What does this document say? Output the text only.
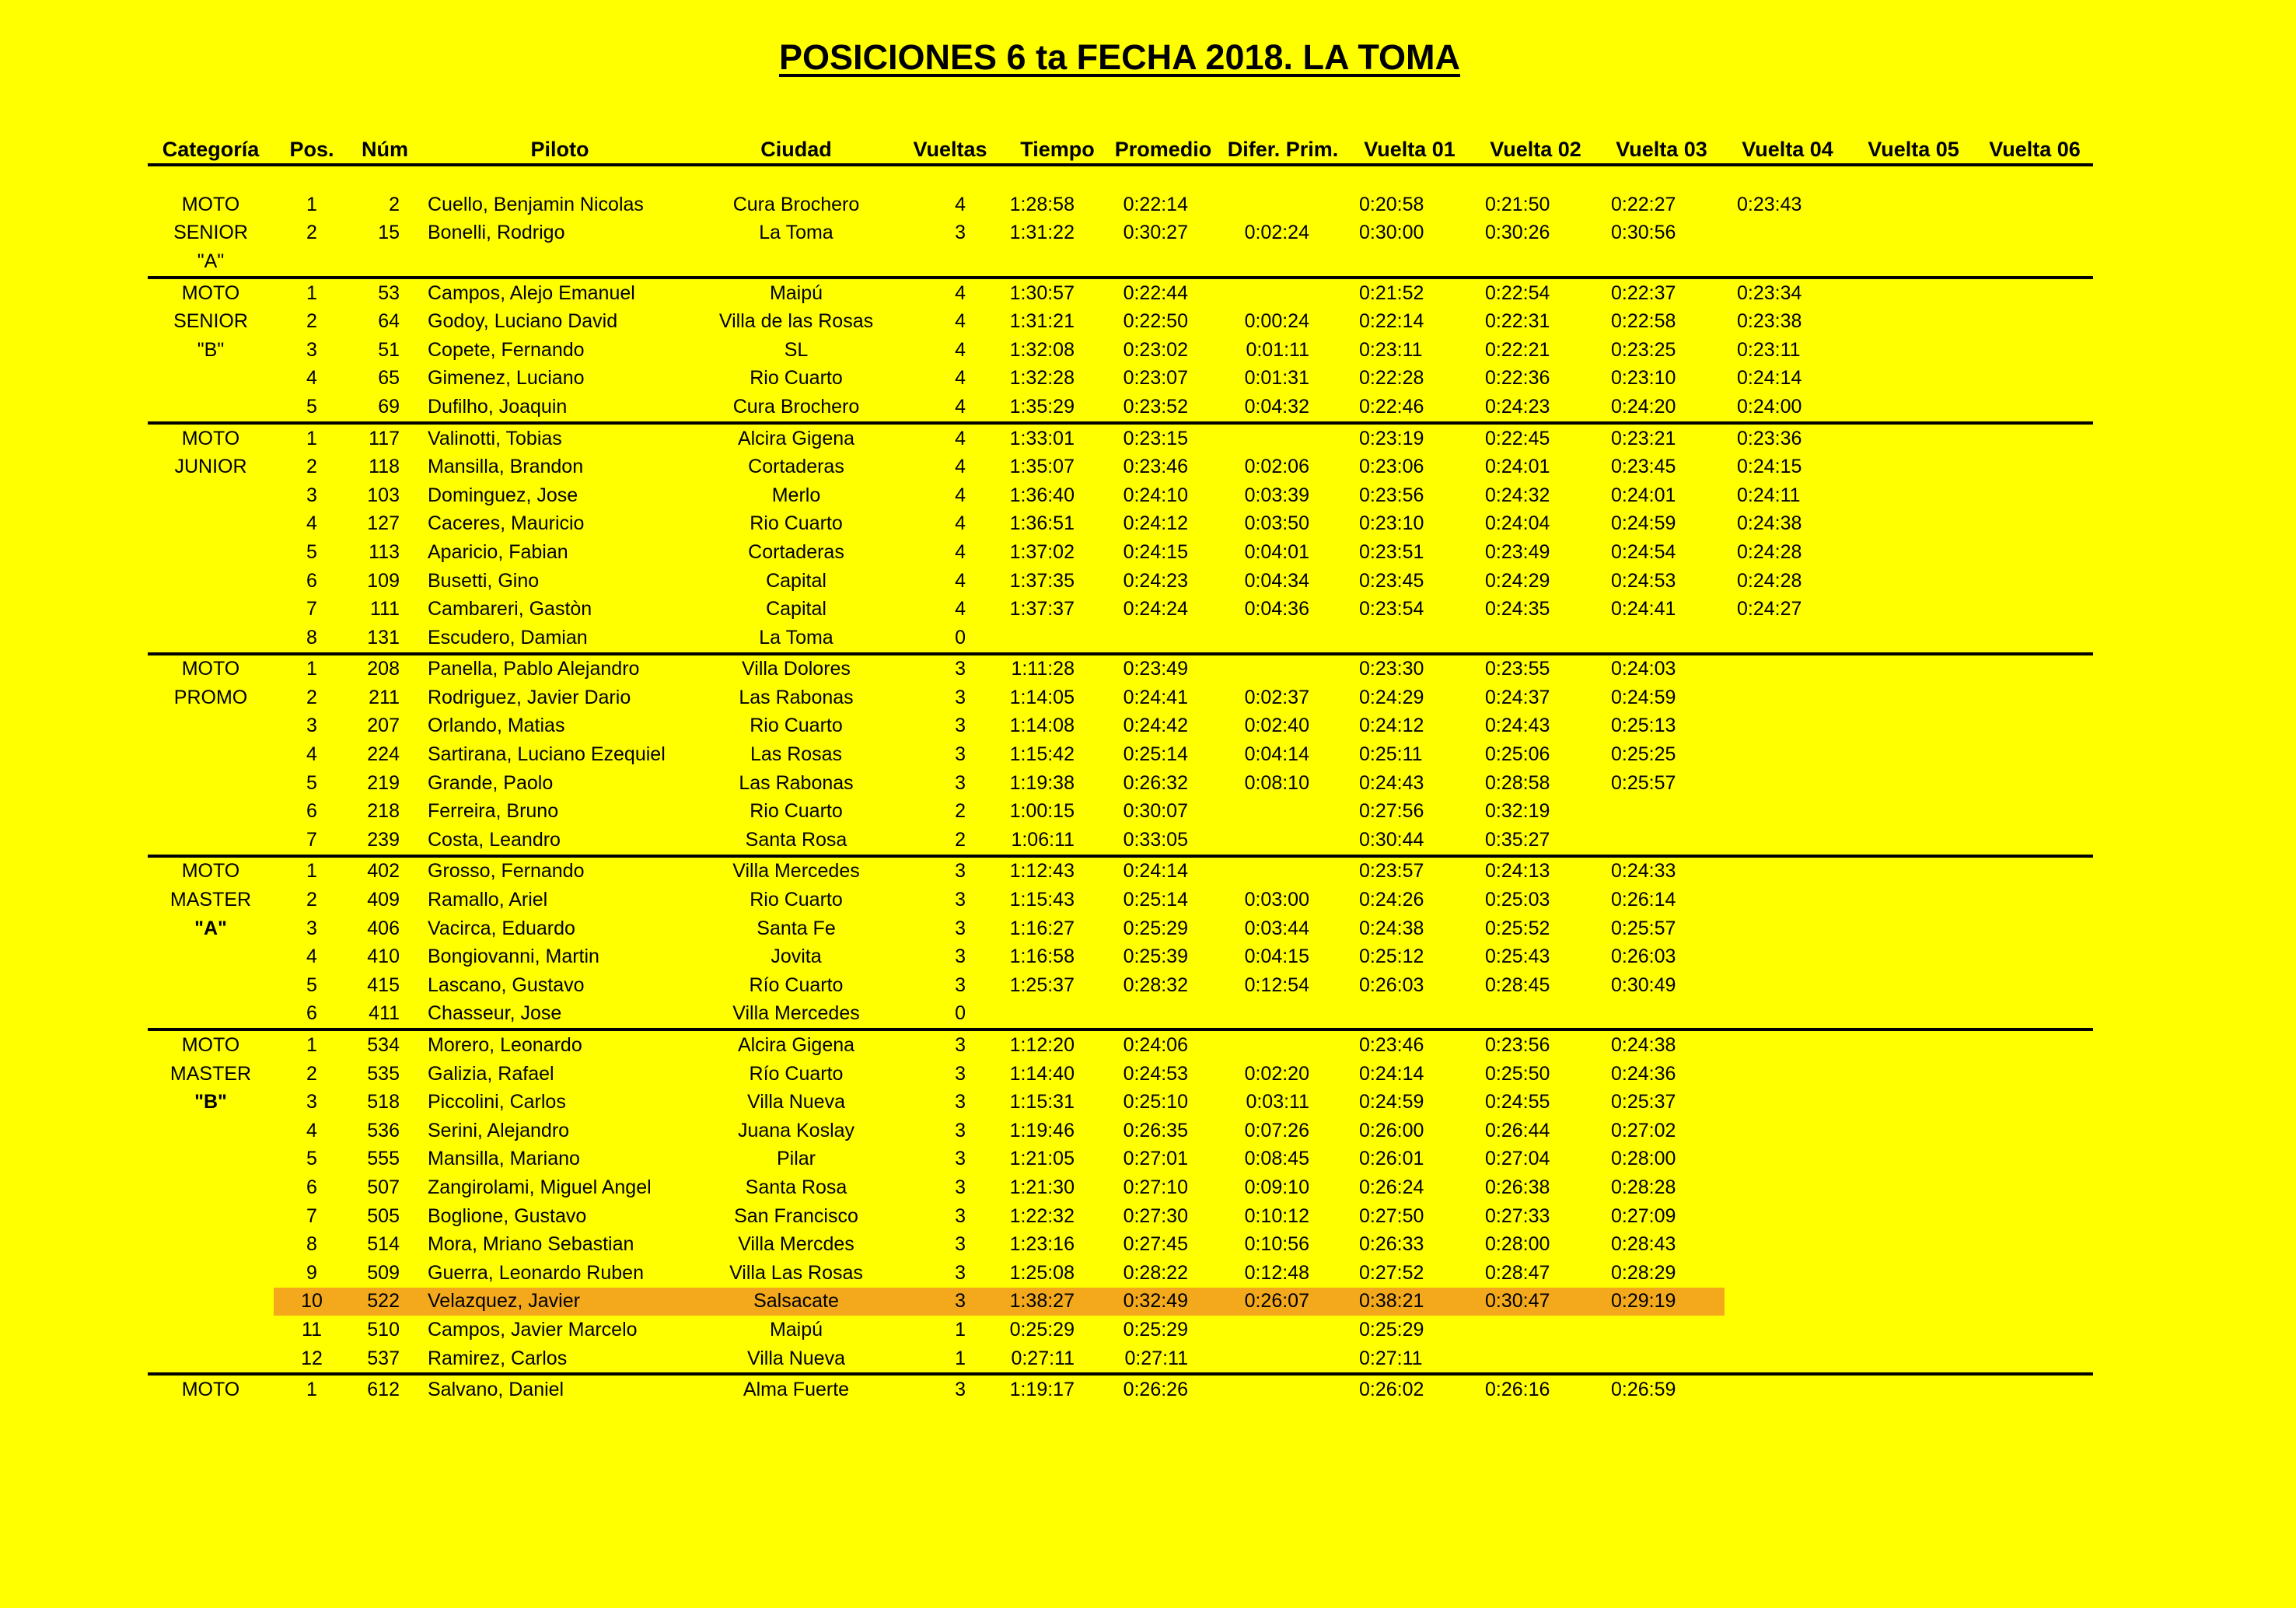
POSICIONES 6 ta FECHA 2018. LA TOMA
Categoría	Pos.	Núm	Piloto	Ciudad	Vueltas	Tiempo	Promedio	Difer. Prim.	Vuelta 01	Vuelta 02	Vuelta 03	Vuelta 04	Vuelta 05	Vuelta 06

MOTO	1	2	Cuello, Benjamin Nicolas	Cura Brochero	4	1:28:58	0:22:14		0:20:58	0:21:50	0:22:27	0:23:43		
SENIOR	2	15	Bonelli, Rodrigo	La Toma	3	1:31:22	0:30:27	0:02:24	0:30:00	0:30:26	0:30:56			
"A"														
MOTO	1	53	Campos, Alejo Emanuel	Maipú	4	1:30:57	0:22:44		0:21:52	0:22:54	0:22:37	0:23:34		
SENIOR	2	64	Godoy, Luciano David	Villa de las Rosas	4	1:31:21	0:22:50	0:00:24	0:22:14	0:22:31	0:22:58	0:23:38		
"B"	3	51	Copete, Fernando	SL	4	1:32:08	0:23:02	0:01:11	0:23:11	0:22:21	0:23:25	0:23:11		
	4	65	Gimenez, Luciano	Rio Cuarto	4	1:32:28	0:23:07	0:01:31	0:22:28	0:22:36	0:23:10	0:24:14		
	5	69	Dufilho, Joaquin	Cura Brochero	4	1:35:29	0:23:52	0:04:32	0:22:46	0:24:23	0:24:20	0:24:00		
MOTO	1	117	Valinotti, Tobias	Alcira Gigena	4	1:33:01	0:23:15		0:23:19	0:22:45	0:23:21	0:23:36		
JUNIOR	2	118	Mansilla, Brandon	Cortaderas	4	1:35:07	0:23:46	0:02:06	0:23:06	0:24:01	0:23:45	0:24:15		
	3	103	Dominguez, Jose	Merlo	4	1:36:40	0:24:10	0:03:39	0:23:56	0:24:32	0:24:01	0:24:11		
	4	127	Caceres, Mauricio	Rio Cuarto	4	1:36:51	0:24:12	0:03:50	0:23:10	0:24:04	0:24:59	0:24:38		
	5	113	Aparicio, Fabian	Cortaderas	4	1:37:02	0:24:15	0:04:01	0:23:51	0:23:49	0:24:54	0:24:28		
	6	109	Busetti, Gino	Capital	4	1:37:35	0:24:23	0:04:34	0:23:45	0:24:29	0:24:53	0:24:28		
	7	111	Cambareri, Gastòn	Capital	4	1:37:37	0:24:24	0:04:36	0:23:54	0:24:35	0:24:41	0:24:27		
	8	131	Escudero, Damian	La Toma	0									
MOTO	1	208	Panella, Pablo Alejandro	Villa Dolores	3	1:11:28	0:23:49		0:23:30	0:23:55	0:24:03			
PROMO	2	211	Rodriguez, Javier Dario	Las Rabonas	3	1:14:05	0:24:41	0:02:37	0:24:29	0:24:37	0:24:59			
	3	207	Orlando, Matias	Rio Cuarto	3	1:14:08	0:24:42	0:02:40	0:24:12	0:24:43	0:25:13			
	4	224	Sartirana, Luciano Ezequiel	Las Rosas	3	1:15:42	0:25:14	0:04:14	0:25:11	0:25:06	0:25:25			
	5	219	Grande, Paolo	Las Rabonas	3	1:19:38	0:26:32	0:08:10	0:24:43	0:28:58	0:25:57			
	6	218	Ferreira, Bruno	Rio Cuarto	2	1:00:15	0:30:07		0:27:56	0:32:19				
	7	239	Costa, Leandro	Santa Rosa	2	1:06:11	0:33:05		0:30:44	0:35:27				
MOTO	1	402	Grosso, Fernando	Villa Mercedes	3	1:12:43	0:24:14		0:23:57	0:24:13	0:24:33			
MASTER	2	409	Ramallo, Ariel	Rio Cuarto	3	1:15:43	0:25:14	0:03:00	0:24:26	0:25:03	0:26:14			
"A"	3	406	Vacirca, Eduardo	Santa Fe	3	1:16:27	0:25:29	0:03:44	0:24:38	0:25:52	0:25:57			
	4	410	Bongiovanni, Martin	Jovita	3	1:16:58	0:25:39	0:04:15	0:25:12	0:25:43	0:26:03			
	5	415	Lascano, Gustavo	Río Cuarto	3	1:25:37	0:28:32	0:12:54	0:26:03	0:28:45	0:30:49			
	6	411	Chasseur, Jose	Villa Mercedes	0									
MOTO	1	534	Morero, Leonardo	Alcira Gigena	3	1:12:20	0:24:06		0:23:46	0:23:56	0:24:38			
MASTER	2	535	Galizia, Rafael	Río Cuarto	3	1:14:40	0:24:53	0:02:20	0:24:14	0:25:50	0:24:36			
"B"	3	518	Piccolini, Carlos	Villa Nueva	3	1:15:31	0:25:10	0:03:11	0:24:59	0:24:55	0:25:37			
	4	536	Serini, Alejandro	Juana Koslay	3	1:19:46	0:26:35	0:07:26	0:26:00	0:26:44	0:27:02			
	5	555	Mansilla, Mariano	Pilar	3	1:21:05	0:27:01	0:08:45	0:26:01	0:27:04	0:28:00			
	6	507	Zangirolami, Miguel Angel	Santa Rosa	3	1:21:30	0:27:10	0:09:10	0:26:24	0:26:38	0:28:28			
	7	505	Boglione, Gustavo	San Francisco	3	1:22:32	0:27:30	0:10:12	0:27:50	0:27:33	0:27:09			
	8	514	Mora, Mriano Sebastian	Villa Mercdes	3	1:23:16	0:27:45	0:10:56	0:26:33	0:28:00	0:28:43			
	9	509	Guerra, Leonardo Ruben	Villa Las Rosas	3	1:25:08	0:28:22	0:12:48	0:27:52	0:28:47	0:28:29			
	10	522	Velazquez, Javier	Salsacate	3	1:38:27	0:32:49	0:26:07	0:38:21	0:30:47	0:29:19			
	11	510	Campos, Javier Marcelo	Maipú	1	0:25:29	0:25:29		0:25:29					
	12	537	Ramirez, Carlos	Villa Nueva	1	0:27:11	0:27:11		0:27:11					
MOTO	1	612	Salvano, Daniel	Alma Fuerte	3	1:19:17	0:26:26		0:26:02	0:26:16	0:26:59			
